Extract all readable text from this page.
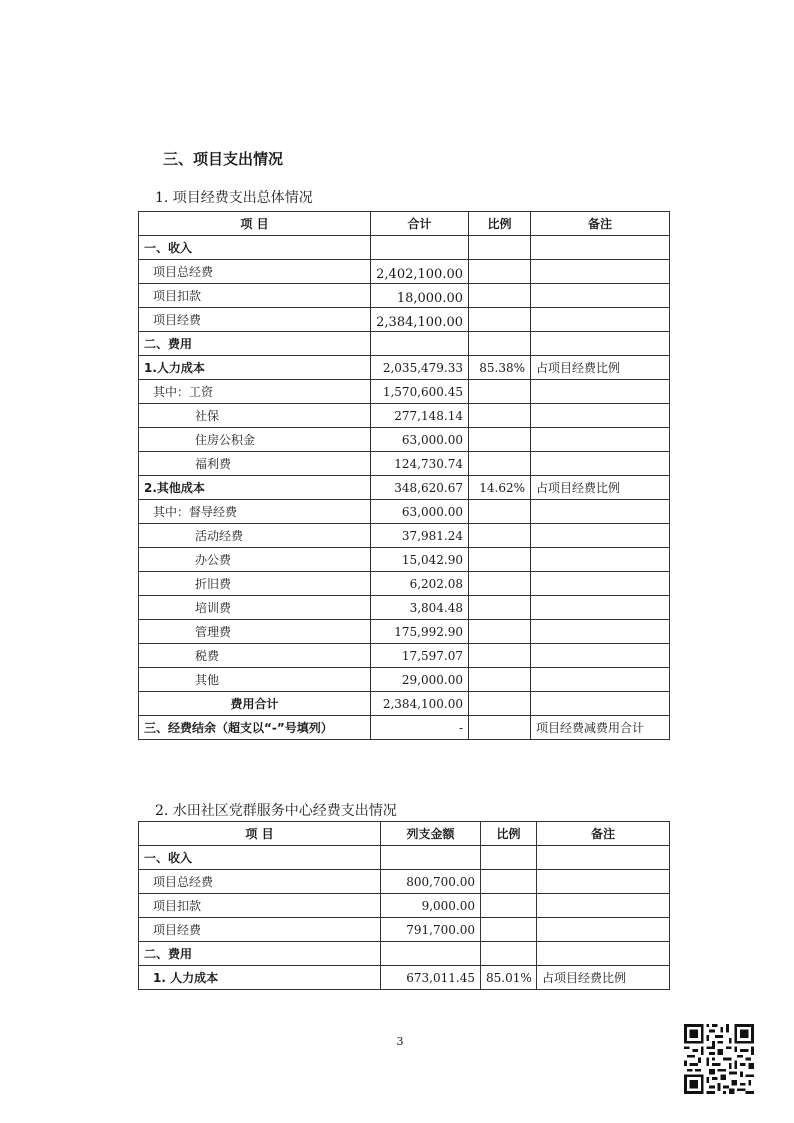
三、项目支出情况
1. 项目经费支出总体情况
项 目	合计	比例	备注
一、收入			
项目总经费	2,402,100.00		
项目扣款	18,000.00		
项目经费	2,384,100.00		
二、费用			
1.人力成本	2,035,479.33	85.38%	占项目经费比例
其中：工资	1,570,600.45		
社保	277,148.14		
住房公积金	63,000.00		
福利费	124,730.74		
2.其他成本	348,620.67	14.62%	占项目经费比例
其中：督导经费	63,000.00		
活动经费	37,981.24		
办公费	15,042.90		
折旧费	6,202.08		
培训费	3,804.48		
管理费	175,992.90		
税费	17,597.07		
其他	29,000.00		
费用合计	2,384,100.00		
三、经费结余（超支以“-”号填列）	-		项目经费减费用合计
2. 水田社区党群服务中心经费支出情况
项 目	列支金额	比例	备注
一、收入			
项目总经费	800,700.00		
项目扣款	9,000.00		
项目经费	791,700.00		
二、费用			
1. 人力成本	673,011.45	85.01%	占项目经费比例
3
